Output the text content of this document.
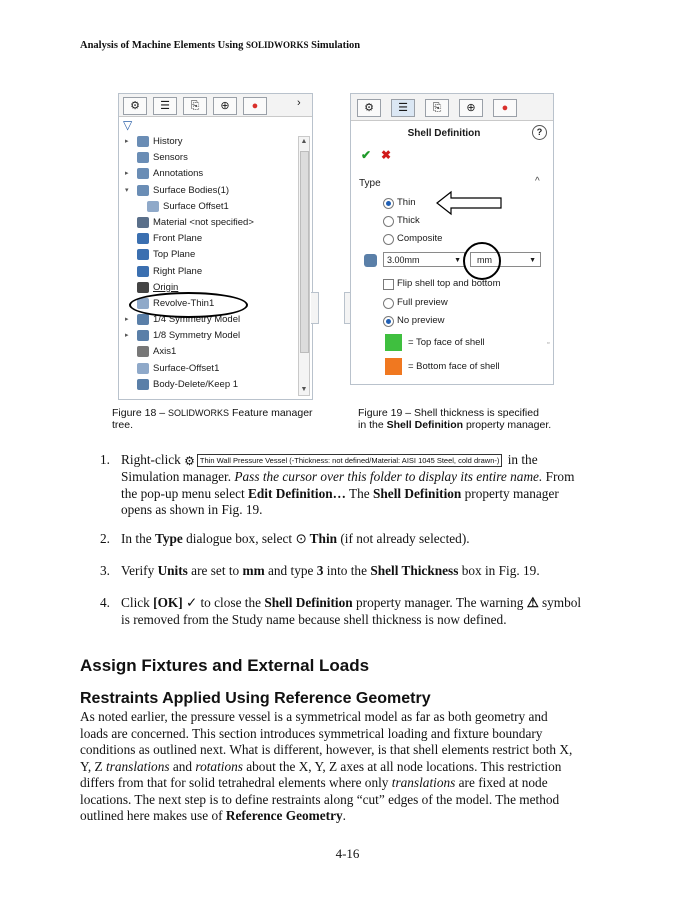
Analysis of Machine Elements Using SOLIDWORKS Simulation
⚙	☰	⎘	⊕	●	›
▽
▸	History
Sensors
▸	Annotations
▾	Surface Bodies(1)
Surface Offset1
Material <not specified>
Front Plane
Top Plane
Right Plane
Origin
Revolve-Thin1
▸	1/4 Symmetry Model
▸	1/8 Symmetry Model
Axis1
Surface-Offset1
Body-Delete/Keep 1
▲
▼
⚙	☰	⎘	⊕	●
Shell Definition	?
✔ ✖
Type	^
Thin
Thick
Composite
3.00mm	▼	mm	▼
Flip shell top and bottom
Full preview
No preview
= Top face of shell
= Bottom face of shell
▫
Figure 18 – SOLIDWORKS Feature manager
tree.
Figure 19 – Shell thickness is specified
in the Shell Definition property manager.
1. Right-click ⚙ Thin Wall Pressure Vessel (-Thickness: not defined/Material: AISI 1045 Steel, cold drawn-) in the Simulation manager. Pass the cursor over this folder to display its entire name. From the pop-up menu select Edit Definition… The Shell Definition property manager opens as shown in Fig. 19.
2. In the Type dialogue box, select ⊙ Thin (if not already selected).
3. Verify Units are set to mm and type 3 into the Shell Thickness box in Fig. 19.
4. Click [OK] ✓ to close the Shell Definition property manager. The warning ⚠ symbol is removed from the Study name because shell thickness is now defined.
Assign Fixtures and External Loads
Restraints Applied Using Reference Geometry
As noted earlier, the pressure vessel is a symmetrical model as far as both geometry and loads are concerned. This section introduces symmetrical loading and fixture boundary conditions as outlined next. What is different, however, is that shell elements restrict both X, Y, Z translations and rotations about the X, Y, Z axes at all node locations. This restriction differs from that for solid tetrahedral elements where only translations are fixed at node locations. The next step is to define restraints along “cut” edges of the model. The method outlined here makes use of Reference Geometry.
4-16
